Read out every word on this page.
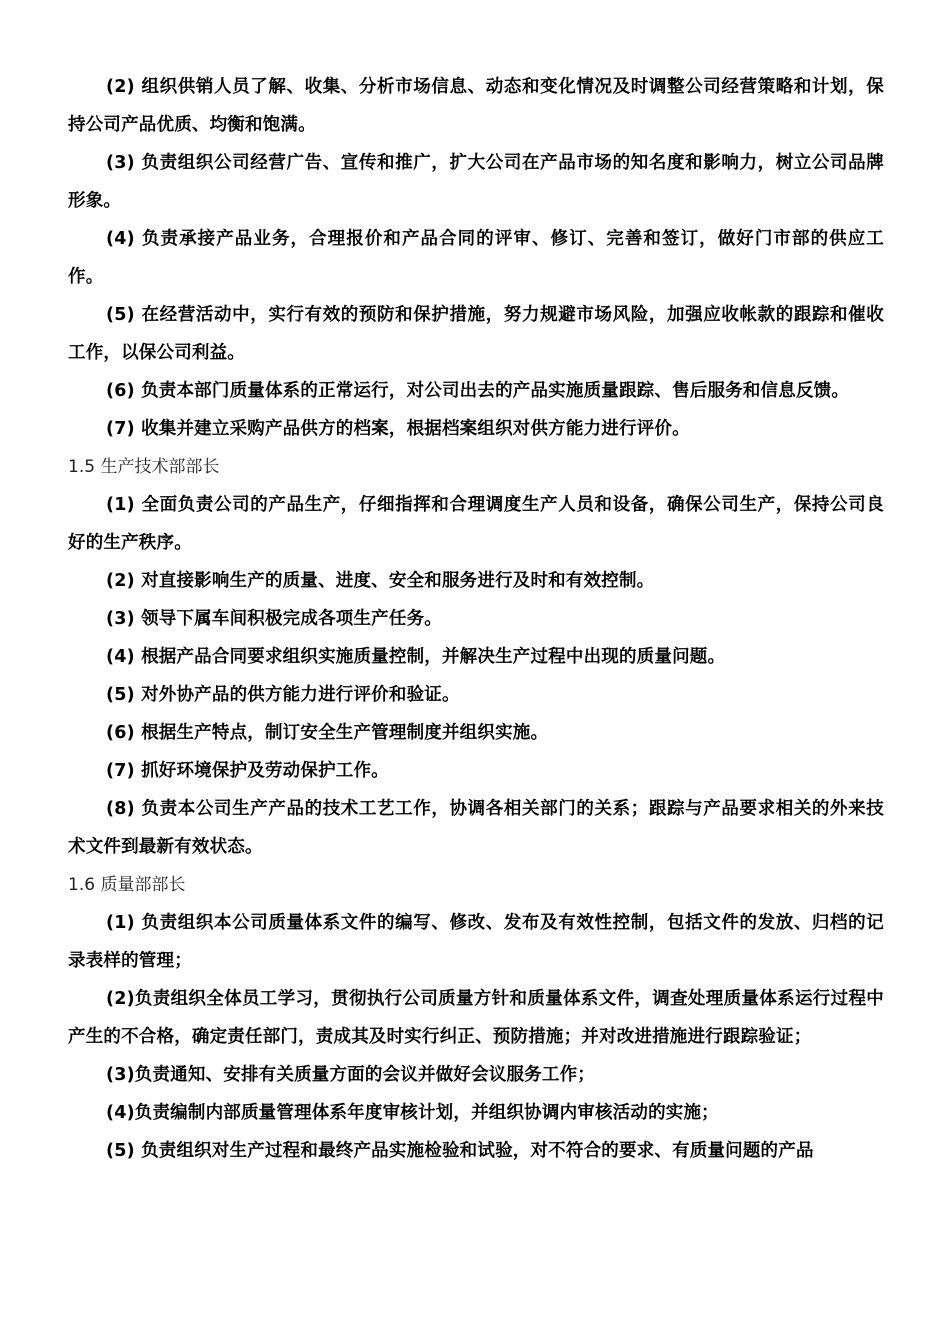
(2) 组织供销人员了解、收集、分析市场信息、动态和变化情况及时调整公司经营策略和计划，保持公司产品优质、均衡和饱满。

(3) 负责组织公司经营广告、宣传和推广，扩大公司在产品市场的知名度和影响力，树立公司品牌形象。

(4) 负责承接产品业务，合理报价和产品合同的评审、修订、完善和签订，做好门市部的供应工作。

(5) 在经营活动中，实行有效的预防和保护措施，努力规避市场风险，加强应收帐款的跟踪和催收工作，以保公司利益。

(6) 负责本部门质量体系的正常运行，对公司出去的产品实施质量跟踪、售后服务和信息反馈。

(7) 收集并建立采购产品供方的档案，根据档案组织对供方能力进行评价。

1.5 生产技术部部长

(1) 全面负责公司的产品生产，仔细指挥和合理调度生产人员和设备，确保公司生产，保持公司良好的生产秩序。

(2) 对直接影响生产的质量、进度、安全和服务进行及时和有效控制。

(3) 领导下属车间积极完成各项生产任务。

(4) 根据产品合同要求组织实施质量控制，并解决生产过程中出现的质量问题。

(5) 对外协产品的供方能力进行评价和验证。

(6) 根据生产特点，制订安全生产管理制度并组织实施。

(7) 抓好环境保护及劳动保护工作。

(8) 负责本公司生产产品的技术工艺工作，协调各相关部门的关系；跟踪与产品要求相关的外来技术文件到最新有效状态。

1.6 质量部部长

(1) 负责组织本公司质量体系文件的编写、修改、发布及有效性控制，包括文件的发放、归档的记录表样的管理；

(2)负责组织全体员工学习，贯彻执行公司质量方针和质量体系文件，调查处理质量体系运行过程中产生的不合格，确定责任部门，责成其及时实行纠正、预防措施；并对改进措施进行跟踪验证；

(3)负责通知、安排有关质量方面的会议并做好会议服务工作；

(4)负责编制内部质量管理体系年度审核计划，并组织协调内审核活动的实施；

(5) 负责组织对生产过程和最终产品实施检验和试验，对不符合的要求、有质量问题的产品
